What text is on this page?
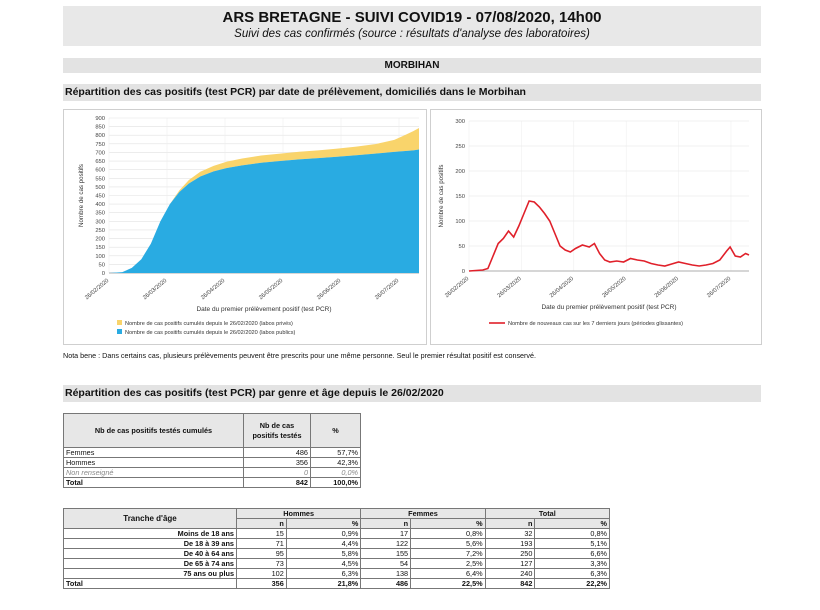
ARS BRETAGNE - SUIVI COVID19 - 07/08/2020, 14h00
Suivi des cas confirmés (source : résultats d'analyse des laboratoires)
MORBIHAN
Répartition des cas positifs (test PCR) par date de prélèvement, domiciliés dans le Morbihan
0
50
100
150
200
250
300
350
400
450
500
550
600
650
700
750
800
850
900
26/02/2020	26/03/2020	26/04/2020	26/05/2020	26/06/2020	26/07/2020
Date du premier prélèvement positif (test PCR)
Nombre de cas positifs
Nombre de cas positifs cumulés depuis le 26/02/2020 (labos privés)
Nombre de cas positifs cumulés depuis le 26/02/2020 (labos publics)
0
50
100
150
200
250
300
26/02/2020	26/03/2020	26/04/2020	26/05/2020	26/06/2020	26/07/2020
Date du premier prélèvement positif (test PCR)
Nombre de cas positifs
Nombre de nouveaux cas sur les 7 derniers jours (périodes glissantes)
Nota bene : Dans certains cas, plusieurs prélèvements peuvent être prescrits pour une même personne. Seul le premier résultat positif est conservé.
Répartition des cas positifs (test PCR) par genre et âge depuis le 26/02/2020
Nb de cas positifs testés cumulés	Nb de cas positifs testés	%
Femmes	486	57,7%
Hommes	356	42,3%
Non renseigné	0	0,0%
Total	842	100,0%
Tranche d'âge	Hommes		Femmes		Total	
	n	%	n	%	n	%
Moins de 18 ans	15	0,9%	17	0,8%	32	0,8%
De 18 à 39 ans	71	4,4%	122	5,6%	193	5,1%
De 40 à 64 ans	95	5,8%	155	7,2%	250	6,6%
De 65 à 74 ans	73	4,5%	54	2,5%	127	3,3%
75 ans ou plus	102	6,3%	138	6,4%	240	6,3%
Total	356	21,8%	486	22,5%	842	22,2%
